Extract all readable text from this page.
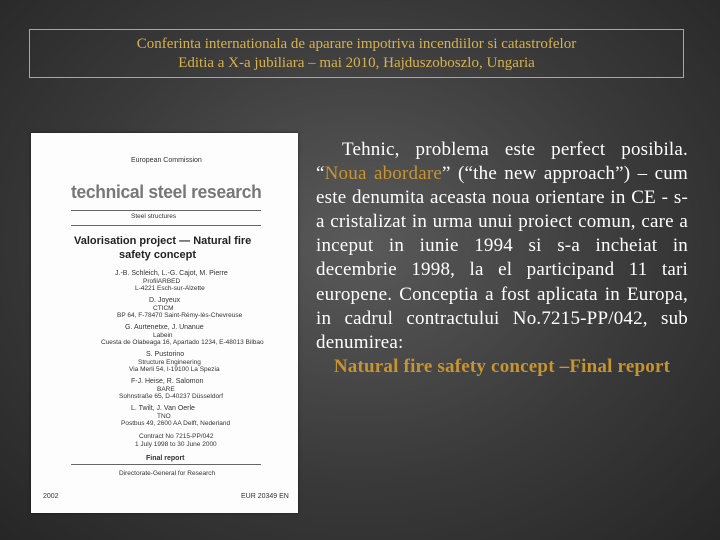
Conferinta internationala de aparare impotriva incendiilor si catastrofelor
Editia a X-a jubiliara – mai 2010, Hajduszoboszlo, Ungaria
European Commission
technical steel research
Steel structures
Valorisation project — Natural fire
safety concept
J.-B. Schleich, L.-G. Cajot, M. Pierre
ProfilARBED
L-4221 Esch-sur-Alzette
D. Joyeux
CTICM
BP 64, F-78470 Saint-Rémy-lès-Chevreuse
G. Aurtenetxe, J. Unanue
Labein
Cuesta de Olabeaga 16, Apartado 1234, E-48013 Bilbao
S. Pustorino
Structure Engineering
Via Merli 54, I-19100 La Spezia
F-J. Heise, R. Salomon
BARE
Sohnstraße 65, D-40237 Düsseldorf
L. Twilt, J. Van Oerle
TNO
Postbus 49, 2600 AA Delft, Nederland
Contract No 7215-PP/042
1 July 1998 to 30 June 2000
Final report
Directorate-General for Research
2002	EUR 20349 EN
Tehnic, problema este perfect posibila. “Noua abordare” (“the new approach”) – cum este denumita aceasta noua orientare in CE - s-a cristalizat in urma unui proiect comun, care a inceput in iunie 1994 si s-a incheiat in decembrie 1998, la el participand 11 tari europene. Conceptia a fost aplicata in Europa, in cadrul contractului No.7215-PP/042, sub denumirea:
Natural fire safety concept –Final report
